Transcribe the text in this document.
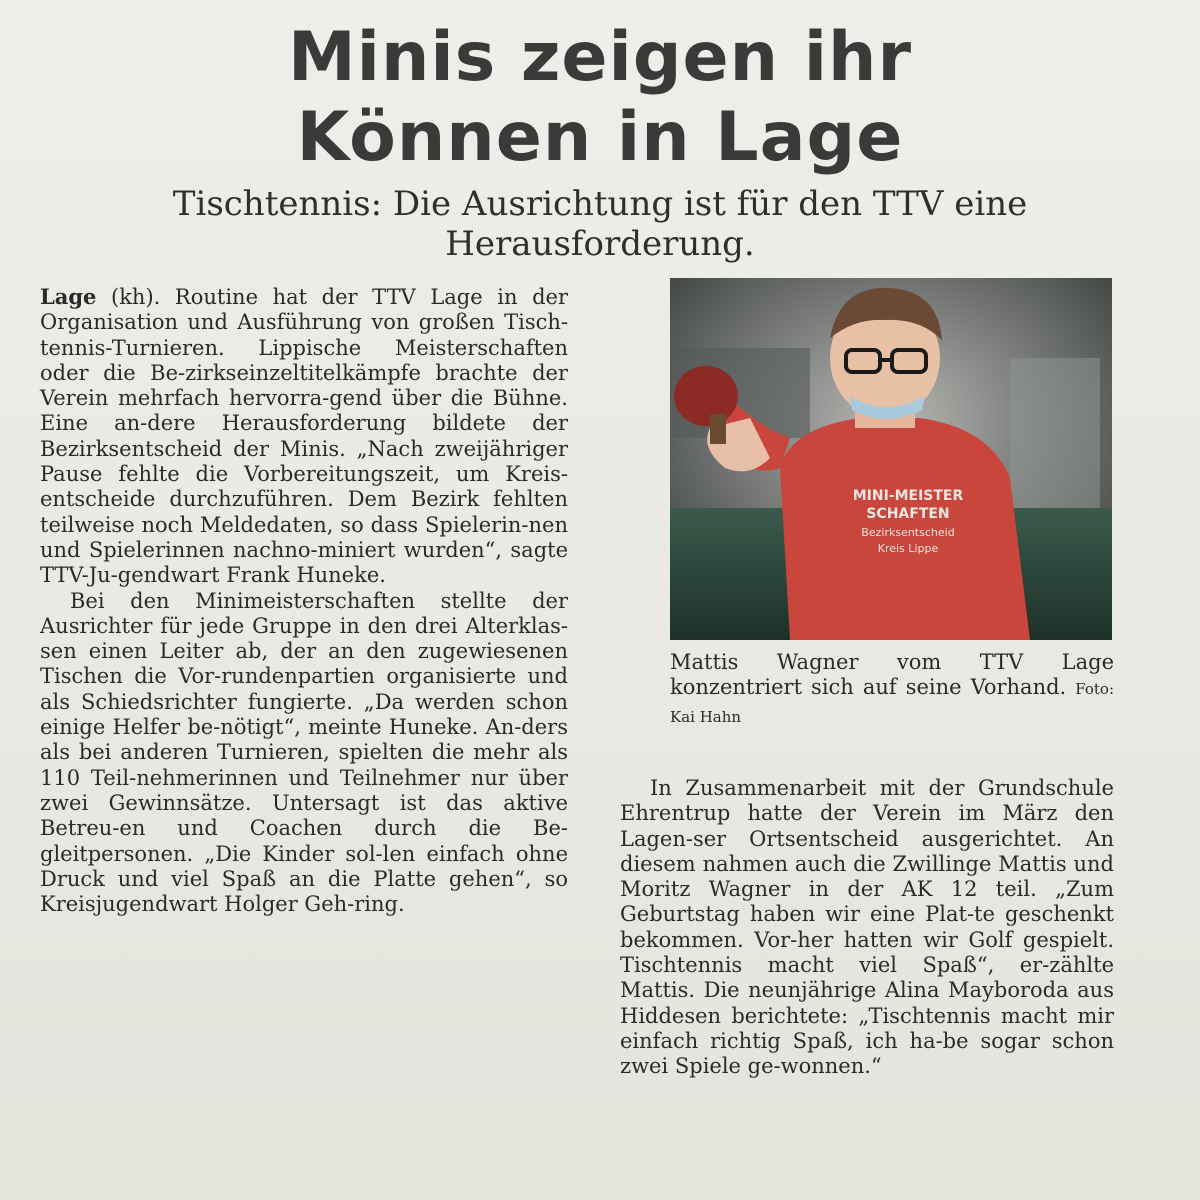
Minis zeigen ihr Können in Lage
Tischtennis: Die Ausrichtung ist für den TTV eine Herausforderung.

Lage (kh). Routine hat der TTV Lage in der Organisation und Ausführung von großen Tisch-tennis-Turnieren. Lippische Meisterschaften oder die Be-zirkseinzeltitelkämpfe brachte der Verein mehrfach hervorra-gend über die Bühne. Eine an-dere Herausforderung bildete der Bezirksentscheid der Minis. „Nach zweijähriger Pause fehlte die Vorbereitungszeit, um Kreis-entscheide durchzuführen. Dem Bezirk fehlten teilweise noch Meldedaten, so dass Spielerin-nen und Spielerinnen nachno-miniert wurden“, sagte TTV-Ju-gendwart Frank Huneke.

Bei den Minimeisterschaften stellte der Ausrichter für jede Gruppe in den drei Alterklas-sen einen Leiter ab, der an den zugewiesenen Tischen die Vor-rundenpartien organisierte und als Schiedsrichter fungierte. „Da werden schon einige Helfer be-nötigt“, meinte Huneke. An-ders als bei anderen Turnieren, spielten die mehr als 110 Teil-nehmerinnen und Teilnehmer nur über zwei Gewinnsätze. Untersagt ist das aktive Betreu-en und Coachen durch die Be-gleitpersonen. „Die Kinder sol-len einfach ohne Druck und viel Spaß an die Platte gehen“, so Kreisjugendwart Holger Geh-ring.

MINI-MEISTER
SCHAFTEN
Bezirksentscheid
Kreis Lippe
Mattis Wagner vom TTV Lage konzentriert sich auf seine Vorhand. Foto: Kai Hahn

In Zusammenarbeit mit der Grundschule Ehrentrup hatte der Verein im März den Lagen-ser Ortsentscheid ausgerichtet. An diesem nahmen auch die Zwillinge Mattis und Moritz Wagner in der AK 12 teil. „Zum Geburtstag haben wir eine Plat-te geschenkt bekommen. Vor-her hatten wir Golf gespielt. Tischtennis macht viel Spaß“, er-zählte Mattis. Die neunjährige Alina Mayboroda aus Hiddesen berichtete: „Tischtennis macht mir einfach richtig Spaß, ich ha-be sogar schon zwei Spiele ge-wonnen.“
